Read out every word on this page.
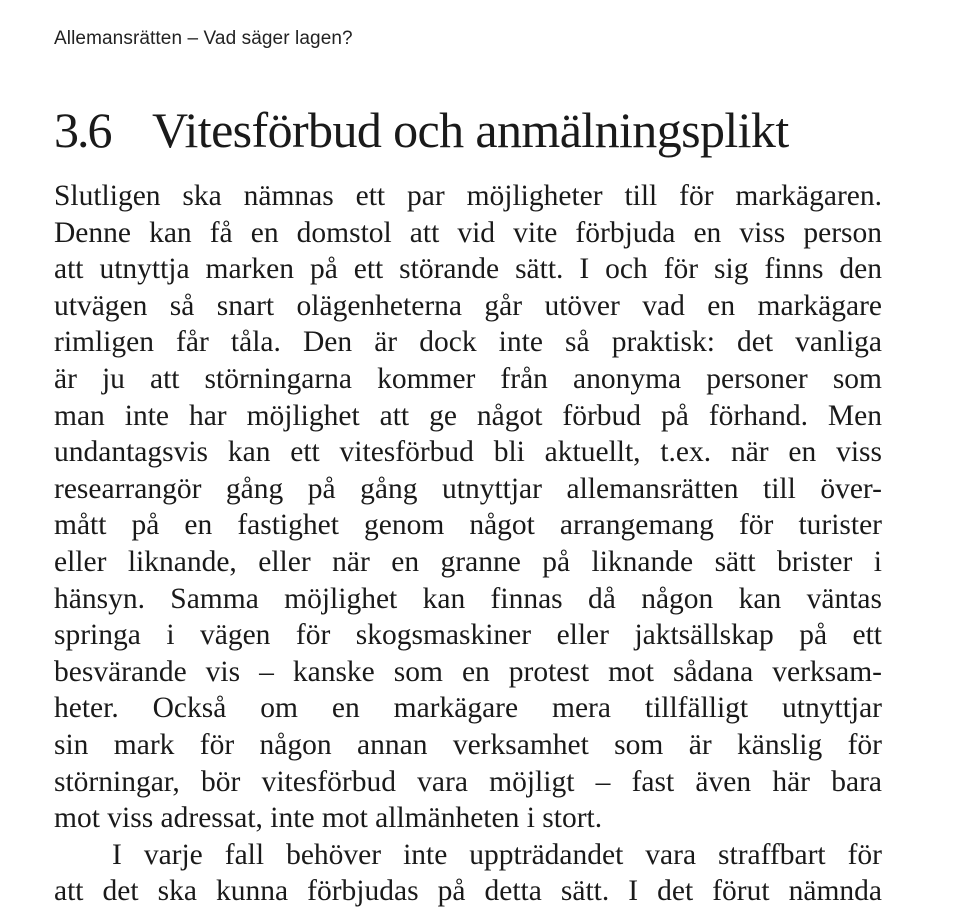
Allemansrätten – Vad säger lagen?
3.6 Vitesförbud och anmälningsplikt
Slutligen ska nämnas ett par möjligheter till för markägaren.
Denne kan få en domstol att vid vite förbjuda en viss person
att utnyttja marken på ett störande sätt. I och för sig finns den
utvägen så snart olägenheterna går utöver vad en markägare
rimligen får tåla. Den är dock inte så praktisk: det vanliga
är ju att störningarna kommer från anonyma personer som
man inte har möjlighet att ge något förbud på förhand. Men
undantagsvis kan ett vitesförbud bli aktuellt, t.ex. när en viss
researrangör gång på gång utnyttjar allemansrätten till över-
mått på en fastighet genom något arrangemang för turister
eller liknande, eller när en granne på liknande sätt brister i
hänsyn. Samma möjlighet kan finnas då någon kan väntas
springa i vägen för skogsmaskiner eller jaktsällskap på ett
besvärande vis – kanske som en protest mot sådana verksam-
heter. Också om en markägare mera tillfälligt utnyttjar
sin mark för någon annan verksamhet som är känslig för
störningar, bör vitesförbud vara möjligt – fast även här bara
mot viss adressat, inte mot allmänheten i stort.
I varje fall behöver inte uppträdandet vara straffbart för
att det ska kunna förbjudas på detta sätt. I det förut nämnda
